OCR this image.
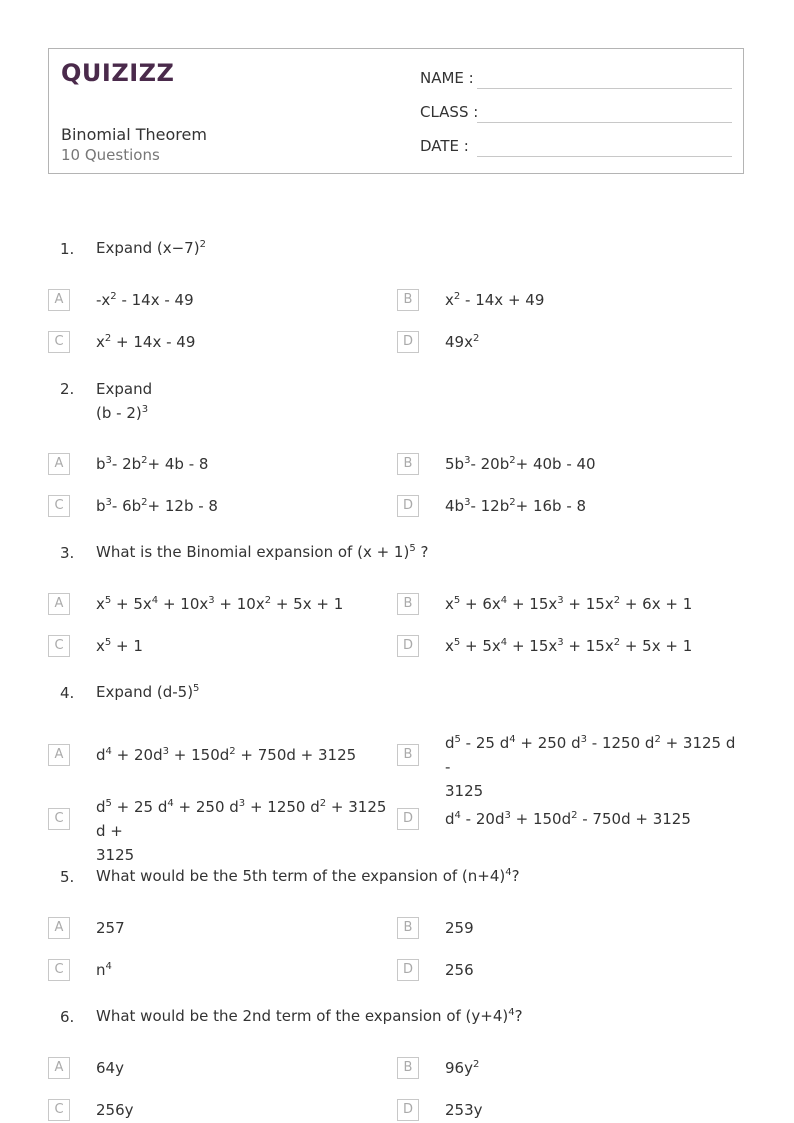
QUIZIZZ
Binomial Theorem
10 Questions
NAME :
CLASS :
DATE :
1. Expand $(x-7)^2$
A	$-x^2 - 14x - 49$	B	$x^2 - 14x + 49$
C	$x^2 + 14x - 49$	D	$49x^2$
2. Expand
(b - 2)$^3$
A	$b^3-$ $2b^2+ 4b - 8$	B	$5b^3-$ $20b^2+ 40b - 40$
C	$b^3-$ $6b^2+ 12b - 8$	D	$4b^3-$ $12b^2+ 16b - 8$
3. What is the Binomial expansion of $(x + 1)^5$ ?
A	$x^5 + 5x^4 + 10x^3 + 10x^2 + 5x + 1$	B	$x^5 + 6x^4 + 15x^3 + 15x^2 + 6x + 1$
C	$x^5 + 1$	D	$x^5 + 5x^4 + 15x^3 + 15x^2 + 5x + 1$
4. Expand $(d-5)^5$
A	$d^4 + 20d^3 + 150d^2 + 750d + 3125$	B
$d^5 - 25$ $d^4 + 250$ $d^3 - 1250$ $d^2 + 3125$ d -
3125
C
$d^5 + 25$ $d^4 + 250$ $d^3 + 1250$ $d^2 + 3125$ d +
3125
D	$d^4 - 20d^3 + 150d^2 - 750d + 3125$
5. What would be the 5th term of the expansion of $(n+4)^4$?
A	257	B	259
C	$n^4$	D	256
6. What would be the 2nd term of the expansion of $(y+4)^4$?
A	64y	B	$96y^2$
C	256y	D	253y
